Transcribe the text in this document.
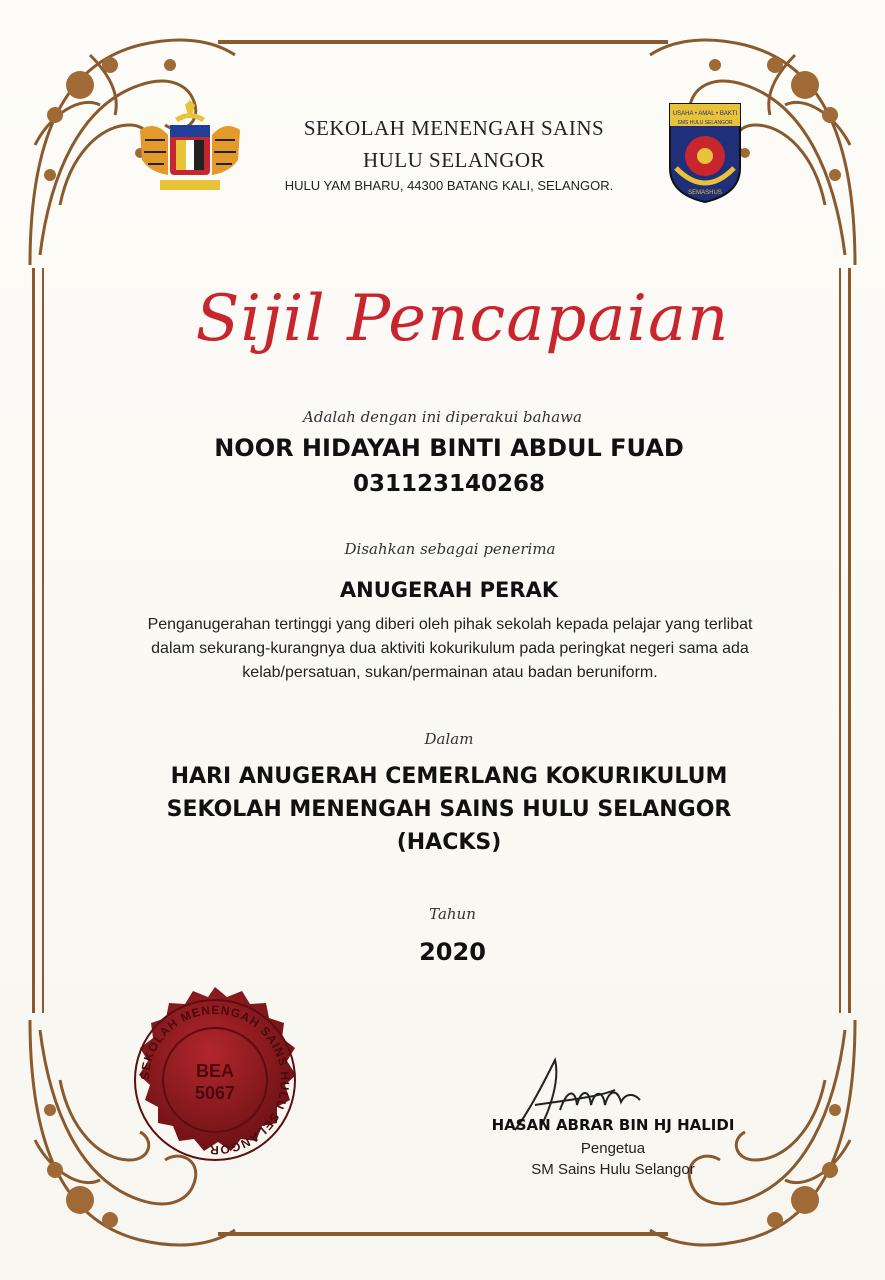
SEKOLAH MENENGAH SAINS
HULU SELANGOR
HULU YAM BHARU, 44300 BATANG KALI, SELANGOR.
USAHA • AMAL • BAKTI
SMS HULU SELANGOR
SEMASHUS
Sijil Pencapaian
Adalah dengan ini diperakui bahawa
NOOR HIDAYAH BINTI ABDUL FUAD
031123140268
Disahkan sebagai penerima
ANUGERAH PERAK
Penganugerahan tertinggi yang diberi oleh pihak sekolah kepada pelajar yang terlibat
dalam sekurang-kurangnya dua aktiviti kokurikulum pada peringkat negeri sama ada
kelab/persatuan, sukan/permainan atau badan beruniform.
Dalam
HARI ANUGERAH CEMERLANG KOKURIKULUM
SEKOLAH MENENGAH SAINS HULU SELANGOR
(HACKS)
Tahun
2020
SEKOLAH MENENGAH SAINS HULU SELANGOR
BEA
5067
HASAN ABRAR BIN HJ HALIDI
Pengetua
SM Sains Hulu Selangor
